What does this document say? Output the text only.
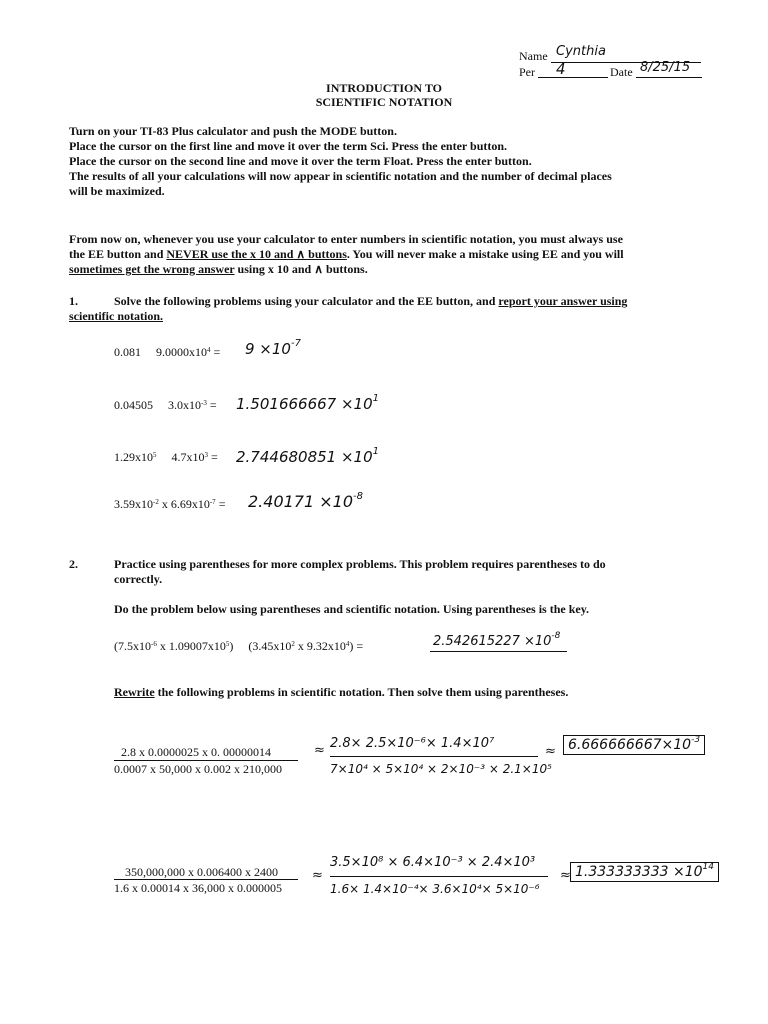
Name Cynthia
Per 4	Date 8/25/15
INTRODUCTION TO
SCIENTIFIC NOTATION
Turn on your TI-83 Plus calculator and push the MODE button.
Place the cursor on the first line and move it over the term Sci. Press the enter button.
Place the cursor on the second line and move it over the term Float. Press the enter button.
The results of all your calculations will now appear in scientific notation and the number of decimal places
will be maximized.
From now on, whenever you use your calculator to enter numbers in scientific notation, you must always use
the EE button and NEVER use the x 10 and ∧ buttons. You will never make a mistake using EE and you will
sometimes get the wrong answer using x 10 and ∧ buttons.
1.	Solve the following problems using your calculator and the EE button, and report your answer using
scientific notation.
0.081 $9.0000x10^4 = 9 \times 10^{-7}$
0.04505 $3.0x10^{-3} = 1.501666667 \times 10^1$
$1.29x10^5$ $4.7x10^3 = 2.744680851 \times 10^1$
$3.59x10^{-2}$ x $6.69x10^{-7} = 2.40171 \times 10^{-8}$
2.	Practice using parentheses for more complex problems. This problem requires parentheses to do
correctly.
Do the problem below using parentheses and scientific notation. Using parentheses is the key.
($7.5x10^{-6}$ x $1.09007x10^5$) ($3.45x10^2$ x $9.32x10^4$) =	$2.542615227 \times 10^{-8}$
Rewrite the following problems in scientific notation. Then solve them using parentheses.
2.8 x 0.0000025 x 0. 00000014
0.0007 x 50,000 x 0.002 x 210,000
≈ 2.8× 2.5×10⁻⁶× 1.4×10⁷
7×10⁴ × 5×10⁴ × 2×10⁻³ × 2.1×10⁵
≈ $6.666666667\times 10^{-3}$
350,000,000 x 0.006400 x 2400
1.6 x 0.00014 x 36,000 x 0.000005
≈
3.5×10⁸ × 6.4×10⁻³ × 2.4×10³
1.6× 1.4×10⁻⁴× 3.6×10⁴× 5×10⁻⁶
≈ $1.333333333 \times 10^{14}$
